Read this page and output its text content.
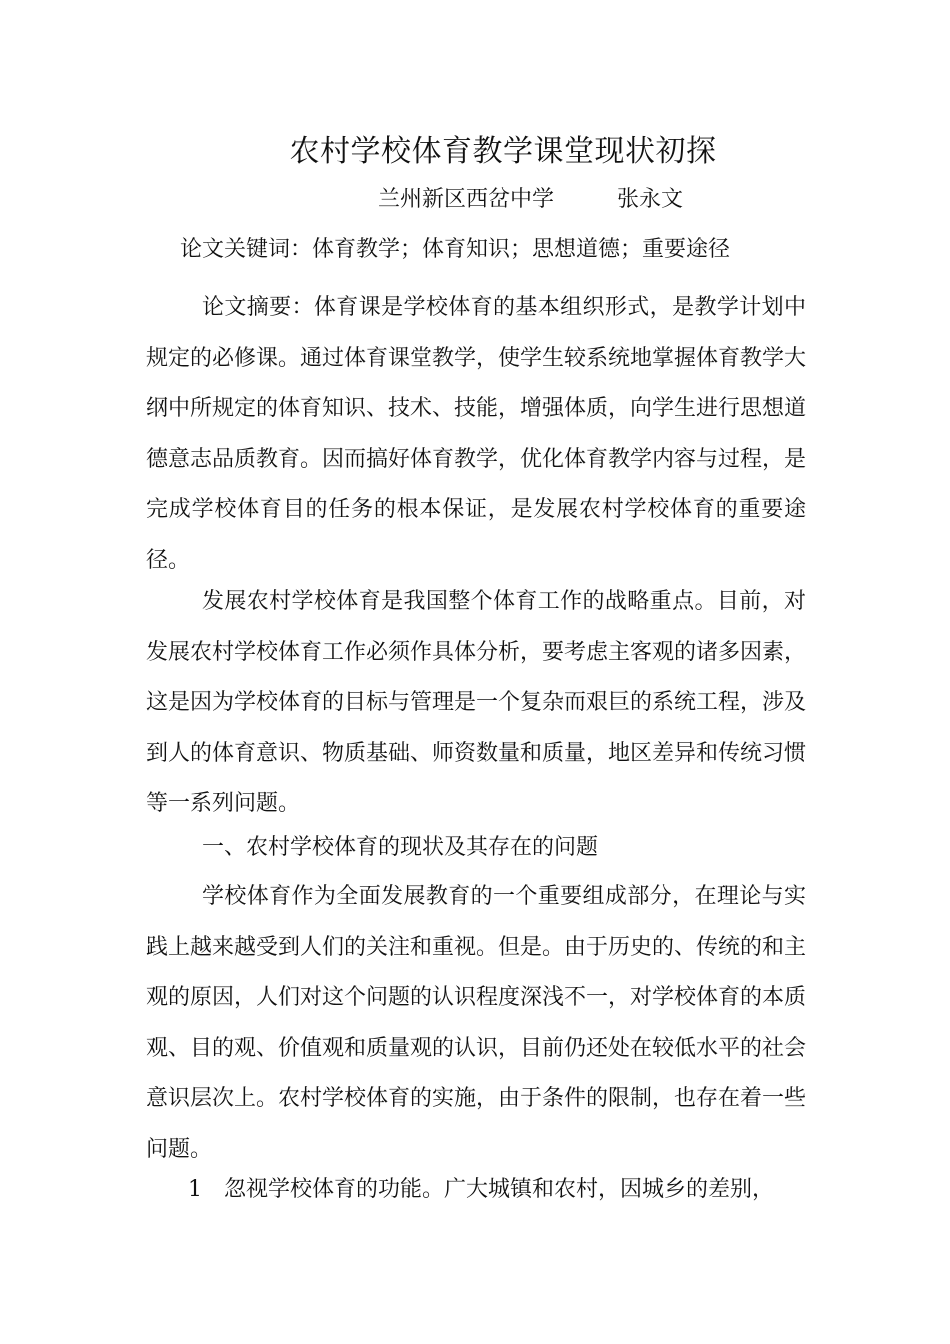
农村学校体育教学课堂现状初探
兰州新区西岔中学	张永文
论文关键词：体育教学；体育知识；思想道德；重要途径

论文摘要：体育课是学校体育的基本组织形式，是教学计划中规定的必修课。通过体育课堂教学，使学生较系统地掌握体育教学大纲中所规定的体育知识、技术、技能，增强体质，向学生进行思想道德意志品质教育。因而搞好体育教学，优化体育教学内容与过程，是完成学校体育目的任务的根本保证，是发展农村学校体育的重要途径。

发展农村学校体育是我国整个体育工作的战略重点。目前，对发展农村学校体育工作必须作具体分析，要考虑主客观的诸多因素，这是因为学校体育的目标与管理是一个复杂而艰巨的系统工程，涉及到人的体育意识、物质基础、师资数量和质量，地区差异和传统习惯等一系列问题。

一、农村学校体育的现状及其存在的问题

学校体育作为全面发展教育的一个重要组成部分，在理论与实践上越来越受到人们的关注和重视。但是。由于历史的、传统的和主观的原因，人们对这个问题的认识程度深浅不一，对学校体育的本质观、目的观、价值观和质量观的认识，目前仍还处在较低水平的社会意识层次上。农村学校体育的实施，由于条件的限制，也存在着一些问题。

1　忽视学校体育的功能。广大城镇和农村，因城乡的差别，
